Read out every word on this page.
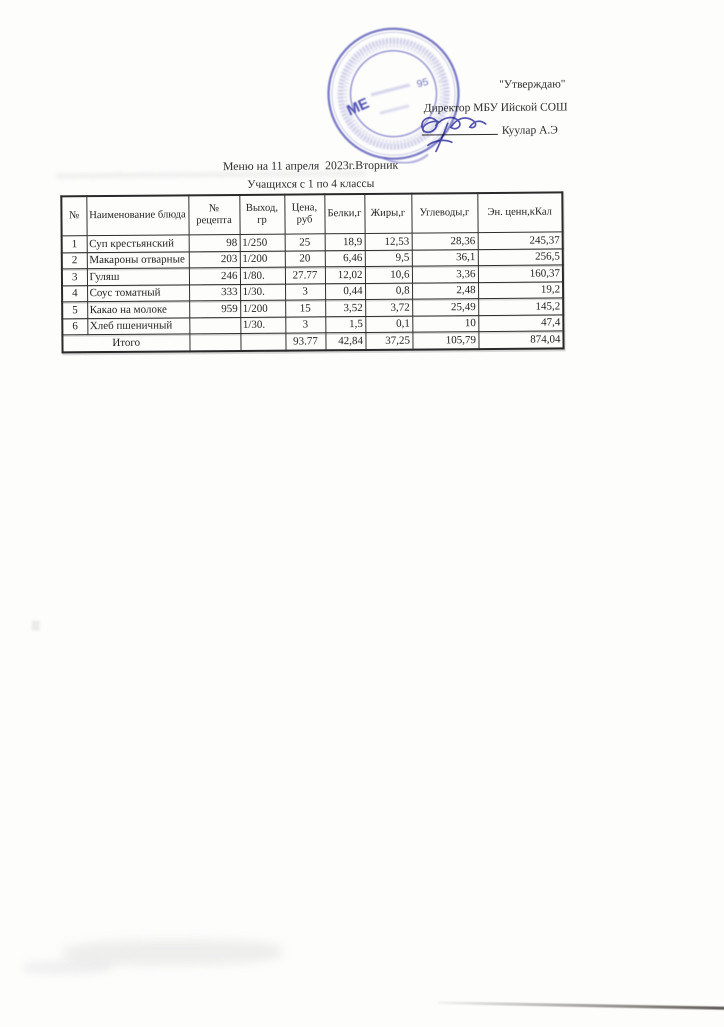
МЕ
95	"Утверждаю"
Директор МБУ Ийской СОШ
Куулар А.Э
Меню на 11 апреля  2023г.Вторник
Учащихся с 1 по 4 классы
№	Наименование блюда	№ рецепта	Выход, гр	Цена, руб	Белки,г	Жиры,г	Углеводы,г	Эн. ценн,кКал
1	Суп крестьянский	98	1/250	25	18,9	12,53	28,36	245,37
2	Макароны отварные	203	1/200	20	6,46	9,5	36,1	256,5
3	Гуляш	246	1/80.	27.77	12,02	10,6	3,36	160,37
4	Соус томатный	333	1/30.	3	0,44	0,8	2,48	19,2
5	Какао на молоке	959	1/200	15	3,52	3,72	25,49	145,2
6	Хлеб пшеничный		1/30.	3	1,5	0,1	10	47,4
Итого				93.77	42,84	37,25	105,79	874,04
